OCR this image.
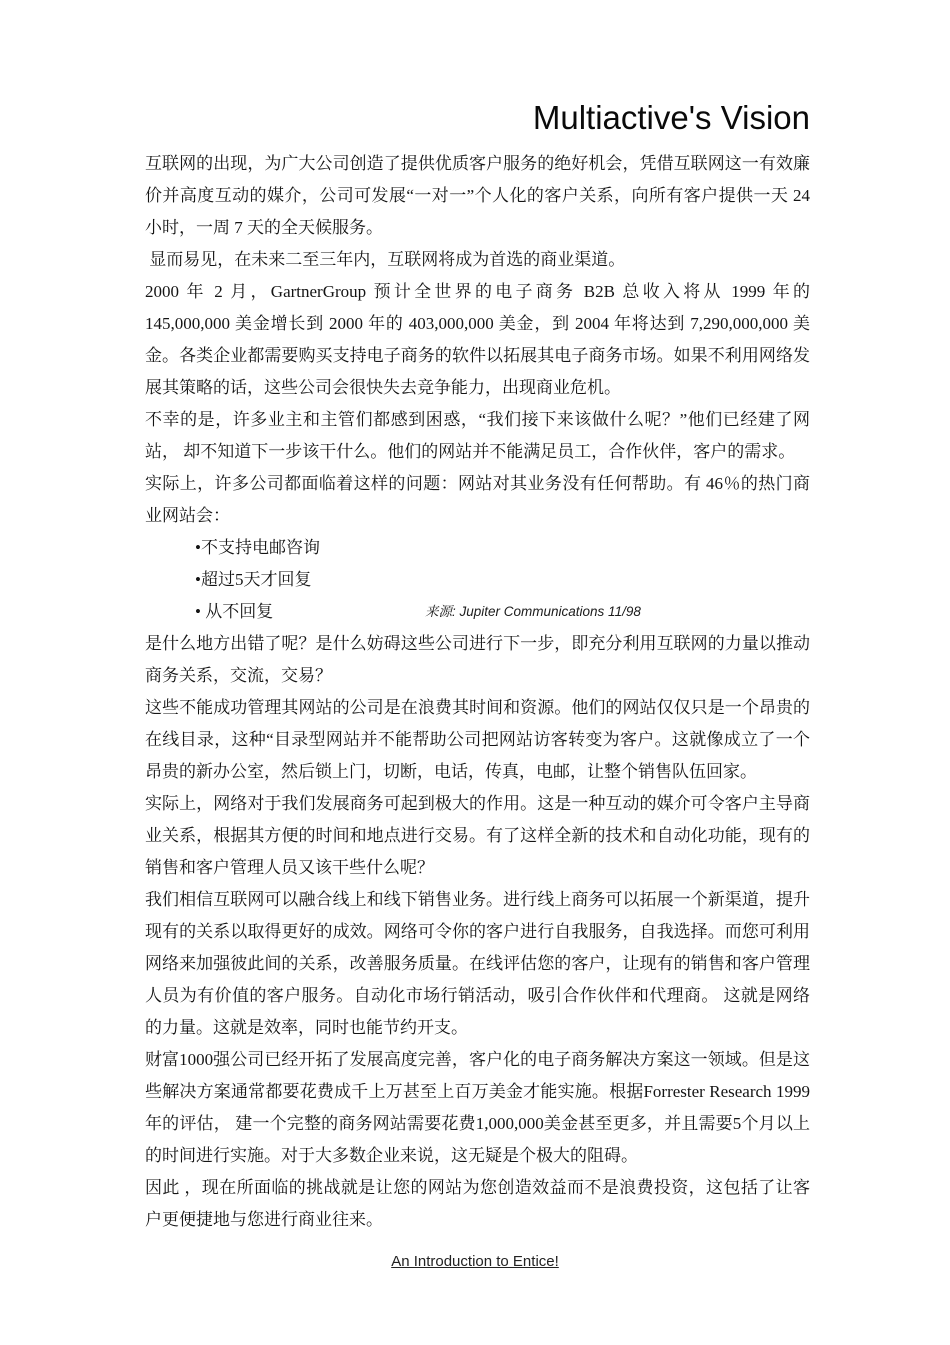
Multiactive's Vision

互联网的出现，为广大公司创造了提供优质客户服务的绝好机会，凭借互联网这一有效廉价并高度互动的媒介，公司可发展“一对一”个人化的客户关系，向所有客户提供一天 24 小时，一周 7 天的全天候服务。

显而易见，在未来二至三年内，互联网将成为首选的商业渠道。

2000 年 2 月，GartnerGroup 预计全世界的电子商务 B2B 总收入将从 1999 年的 145,000,000 美金增长到 2000 年的 403,000,000 美金，到 2004 年将达到 7,290,000,000 美金。各类企业都需要购买支持电子商务的软件以拓展其电子商务市场。如果不利用网络发展其策略的话，这些公司会很快失去竞争能力，出现商业危机。

不幸的是，许多业主和主管们都感到困惑，“我们接下来该做什么呢？”他们已经建了网站， 却不知道下一步该干什么。他们的网站并不能满足员工，合作伙伴，客户的需求。

实际上，许多公司都面临着这样的问题：网站对其业务没有任何帮助。有 46％的热门商业网站会：

•不支持电邮咨询
•超过5天才回复
• 从不回复	来源: Jupiter Communications 11/98

是什么地方出错了呢？是什么妨碍这些公司进行下一步，即充分利用互联网的力量以推动商务关系，交流，交易？

这些不能成功管理其网站的公司是在浪费其时间和资源。他们的网站仅仅只是一个昂贵的在线目录，这种“目录型网站并不能帮助公司把网站访客转变为客户。这就像成立了一个昂贵的新办公室，然后锁上门，切断，电话，传真，电邮，让整个销售队伍回家。

实际上，网络对于我们发展商务可起到极大的作用。这是一种互动的媒介可令客户主导商业关系，根据其方便的时间和地点进行交易。有了这样全新的技术和自动化功能，现有的销售和客户管理人员又该干些什么呢？

我们相信互联网可以融合线上和线下销售业务。进行线上商务可以拓展一个新渠道，提升现有的关系以取得更好的成效。网络可令你的客户进行自我服务，自我选择。而您可利用网络来加强彼此间的关系，改善服务质量。在线评估您的客户，让现有的销售和客户管理人员为有价值的客户服务。自动化市场行销活动，吸引合作伙伴和代理商。 这就是网络的力量。这就是效率，同时也能节约开支。

财富1000强公司已经开拓了发展高度完善，客户化的电子商务解决方案这一领域。但是这些解决方案通常都要花费成千上万甚至上百万美金才能实施。根据Forrester Research 1999年的评估， 建一个完整的商务网站需要花费1,000,000美金甚至更多，并且需要5个月以上的时间进行实施。对于大多数企业来说，这无疑是个极大的阻碍。

因此 ，现在所面临的挑战就是让您的网站为您创造效益而不是浪费投资，这包括了让客户更便捷地与您进行商业往来。

An Introduction to Entice!
